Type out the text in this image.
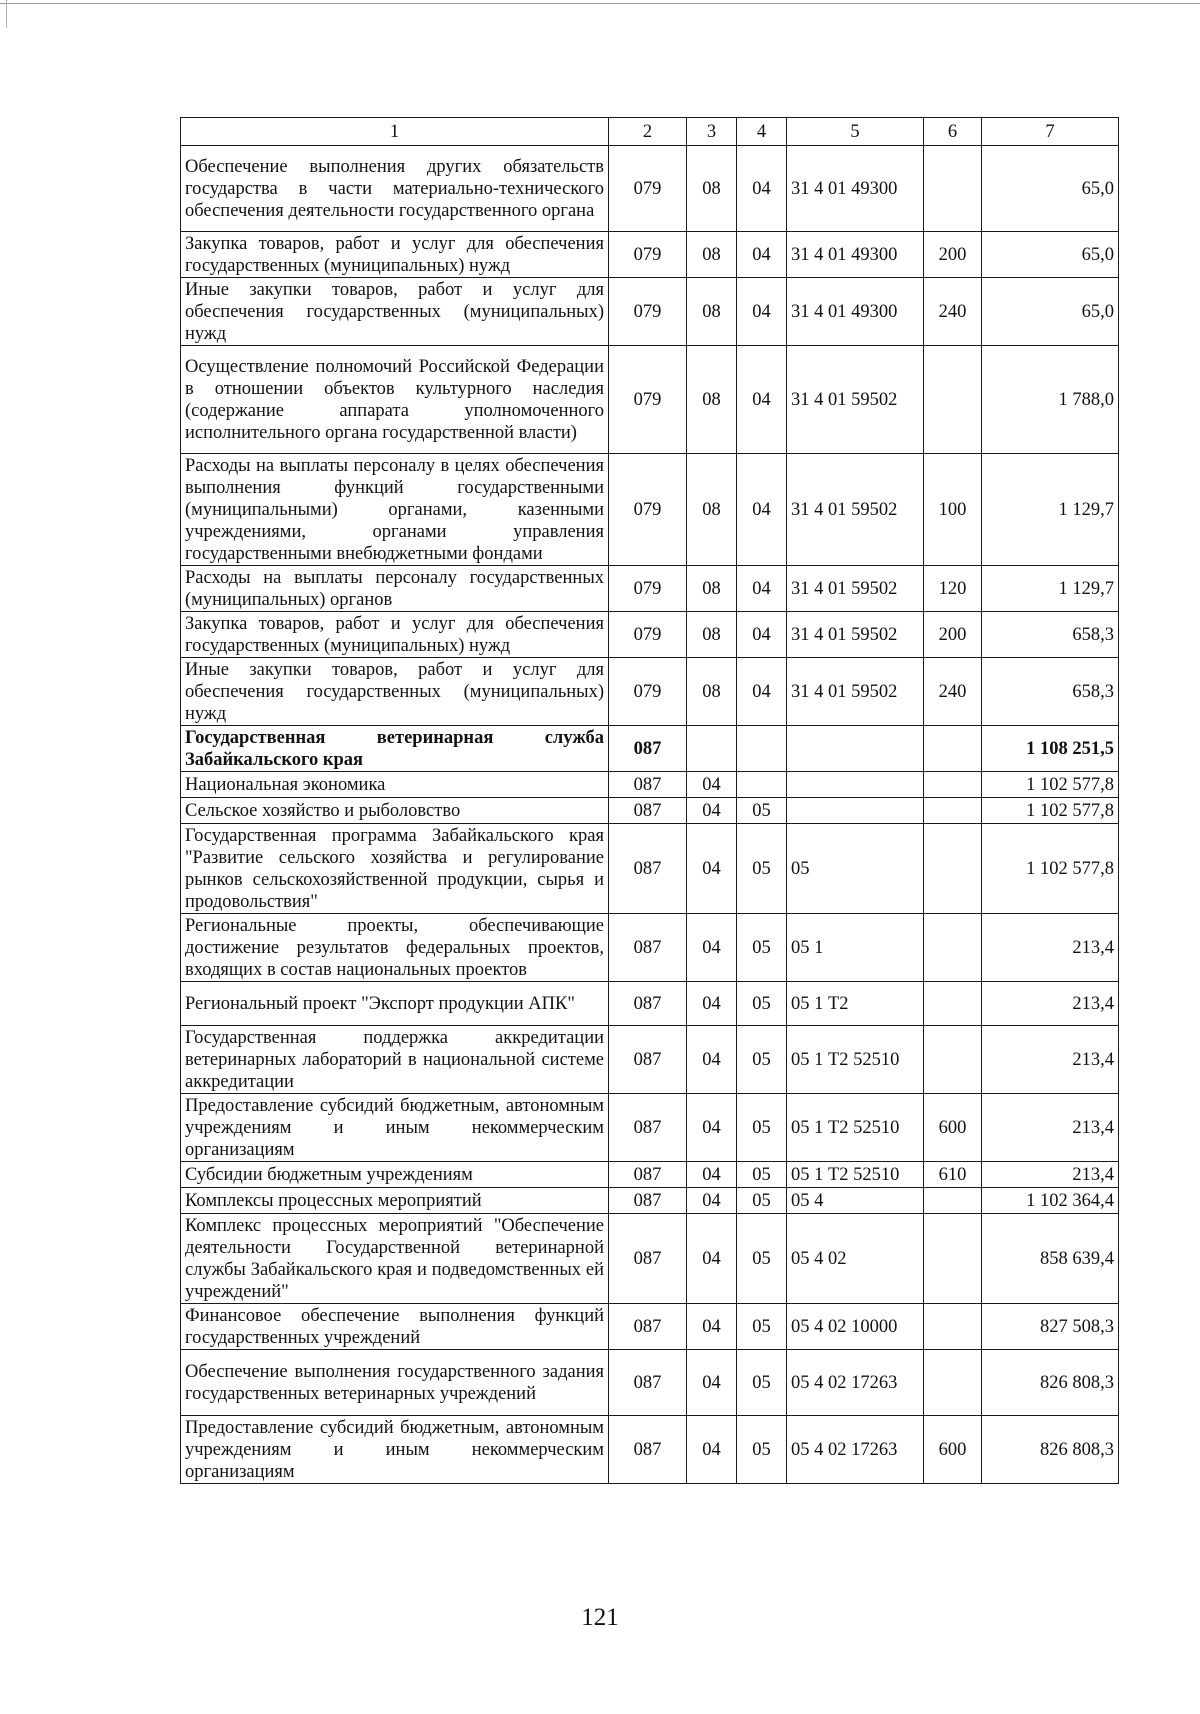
1	2	3	4	5	6	7
Обеспечение выполнения других обязательств государства в части материально-технического обеспечения деятельности государственного органа	079	08	04	31 4 01 49300		65,0
Закупка товаров, работ и услуг для обеспечения государственных (муниципальных) нужд	079	08	04	31 4 01 49300	200	65,0
Иные закупки товаров, работ и услуг для обеспечения государственных (муниципальных) нужд	079	08	04	31 4 01 49300	240	65,0
Осуществление полномочий Российской Федерации в отношении объектов культурного наследия (содержание аппарата уполномоченного исполнительного органа государственной власти)	079	08	04	31 4 01 59502		1 788,0
Расходы на выплаты персоналу в целях обеспечения выполнения функций государственными (муниципальными) органами, казенными учреждениями, органами управления государственными внебюджетными фондами	079	08	04	31 4 01 59502	100	1 129,7
Расходы на выплаты персоналу государственных (муниципальных) органов	079	08	04	31 4 01 59502	120	1 129,7
Закупка товаров, работ и услуг для обеспечения государственных (муниципальных) нужд	079	08	04	31 4 01 59502	200	658,3
Иные закупки товаров, работ и услуг для обеспечения государственных (муниципальных) нужд	079	08	04	31 4 01 59502	240	658,3
Государственная ветеринарная служба Забайкальского края	087					1 108 251,5
Национальная экономика	087	04				1 102 577,8
Сельское хозяйство и рыболовство	087	04	05			1 102 577,8
Государственная программа Забайкальского края "Развитие сельского хозяйства и регулирование рынков сельскохозяйственной продукции, сырья и продовольствия"	087	04	05	05		1 102 577,8
Региональные проекты, обеспечивающие достижение результатов федеральных проектов, входящих в состав национальных проектов	087	04	05	05 1		213,4
Региональный проект "Экспорт продукции АПК"	087	04	05	05 1 Т2		213,4
Государственная поддержка аккредитации ветеринарных лабораторий в национальной системе аккредитации	087	04	05	05 1 Т2 52510		213,4
Предоставление субсидий бюджетным, автономным учреждениям и иным некоммерческим организациям	087	04	05	05 1 Т2 52510	600	213,4
Субсидии бюджетным учреждениям	087	04	05	05 1 Т2 52510	610	213,4
Комплексы процессных мероприятий	087	04	05	05 4		1 102 364,4
Комплекс процессных мероприятий "Обеспечение деятельности Государственной ветеринарной службы Забайкальского края и подведомственных ей учреждений"	087	04	05	05 4 02		858 639,4
Финансовое обеспечение выполнения функций государственных учреждений	087	04	05	05 4 02 10000		827 508,3
Обеспечение выполнения государственного задания государственных ветеринарных учреждений	087	04	05	05 4 02 17263		826 808,3
Предоставление субсидий бюджетным, автономным учреждениям и иным некоммерческим организациям	087	04	05	05 4 02 17263	600	826 808,3
121
